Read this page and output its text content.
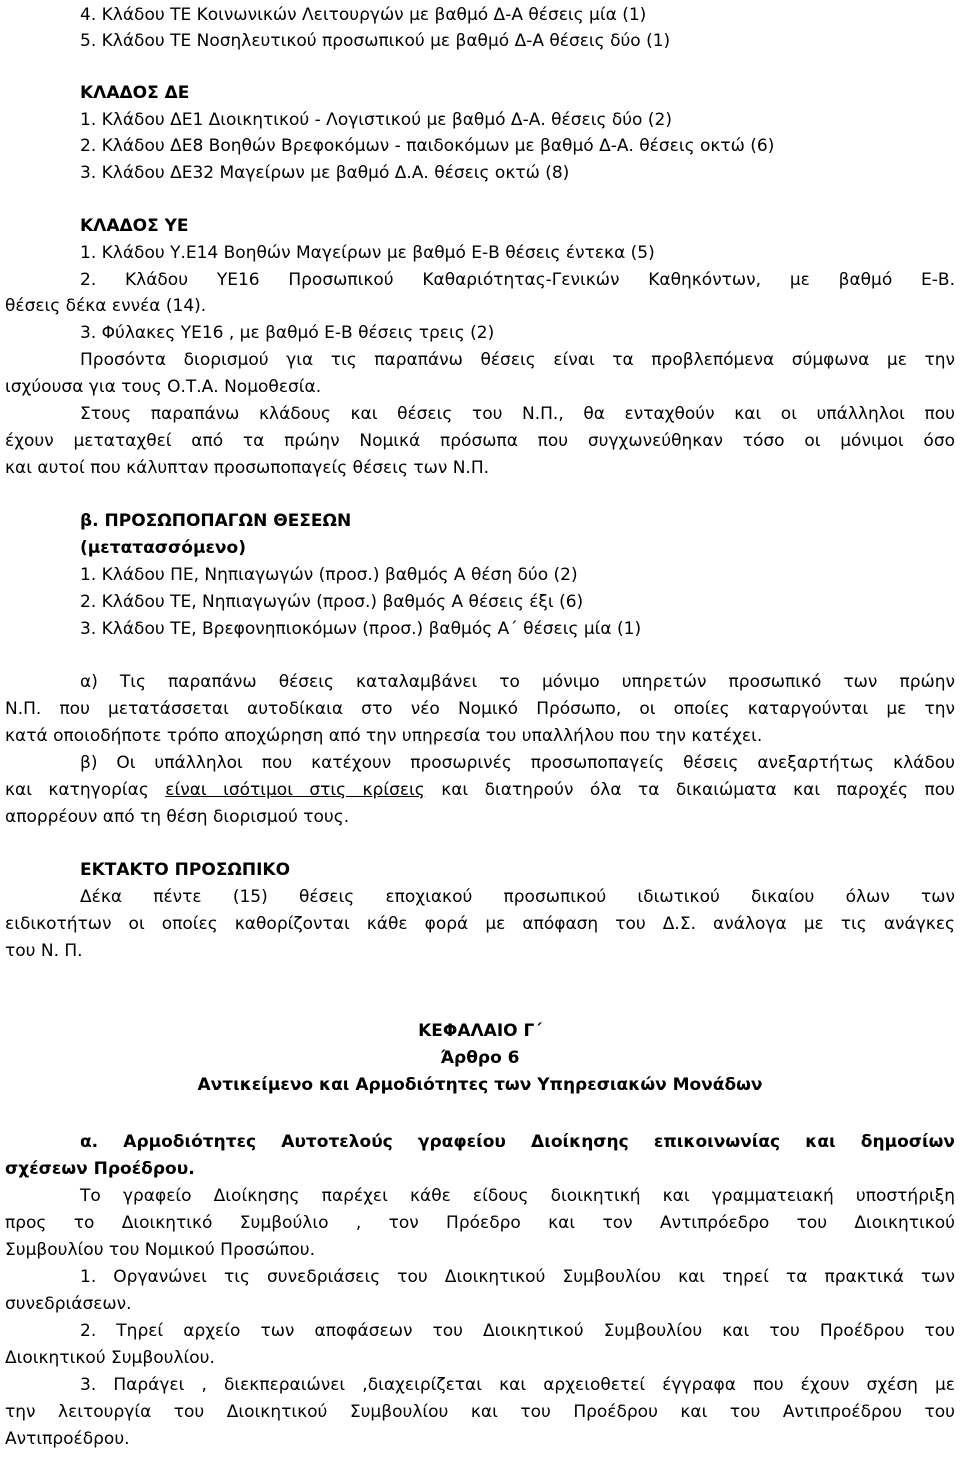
4. Κλάδου ΤΕ Κοινωνικών Λειτουργών με βαθμό Δ-Α θέσεις μία (1)
5. Κλάδου ΤΕ Νοσηλευτικού προσωπικού με βαθμό Δ-Α θέσεις δύο (1)
ΚΛΑΔΟΣ ΔΕ
1. Κλάδου ΔΕ1 Διοικητικού - Λογιστικού με βαθμό Δ-Α. θέσεις δύο (2)
2. Κλάδου ΔΕ8 Βοηθών Βρεφοκόμων - παιδοκόμων με βαθμό Δ-Α. θέσεις οκτώ (6)
3. Κλάδου ΔΕ32 Μαγείρων με βαθμό Δ.Α. θέσεις οκτώ (8)
ΚΛΑΔΟΣ ΥΕ
1. Κλάδου Υ.Ε14 Βοηθών Μαγείρων με βαθμό Ε-Β θέσεις έντεκα (5)
2. Κλάδου ΥΕ16 Προσωπικού Καθαριότητας-Γενικών Καθηκόντων, με βαθμό Ε-Β.
θέσεις δέκα εννέα (14).
3. Φύλακες ΥΕ16 , με βαθμό Ε-Β θέσεις τρεις (2)
Προσόντα διορισμού για τις παραπάνω θέσεις είναι τα προβλεπόμενα σύμφωνα με την
ισχύουσα για τους Ο.Τ.Α. Νομοθεσία.
Στους παραπάνω κλάδους και θέσεις του Ν.Π., θα ενταχθούν και οι υπάλληλοι που
έχουν μεταταχθεί από τα πρώην Νομικά πρόσωπα που συγχωνεύθηκαν τόσο οι μόνιμοι όσο
και αυτοί που κάλυπταν προσωποπαγείς θέσεις των Ν.Π.
β. ΠΡΟΣΩΠΟΠΑΓΩΝ ΘΕΣΕΩΝ
(μετατασσόμενο)
1. Κλάδου ΠΕ, Νηπιαγωγών (προσ.) βαθμός Α θέση δύο (2)
2. Κλάδου ΤΕ, Νηπιαγωγών (προσ.) βαθμός Α θέσεις έξι (6)
3. Κλάδου ΤΕ, Βρεφονηπιοκόμων (προσ.) βαθμός Α΄ θέσεις μία (1)
α) Τις παραπάνω θέσεις καταλαμβάνει το μόνιμο υπηρετών προσωπικό των πρώην
Ν.Π. που μετατάσσεται αυτοδίκαια στο νέο Νομικό Πρόσωπο, οι οποίες καταργούνται με την
κατά οποιοδήποτε τρόπο αποχώρηση από την υπηρεσία του υπαλλήλου που την κατέχει.
β) Οι υπάλληλοι που κατέχουν προσωρινές προσωποπαγείς θέσεις ανεξαρτήτως κλάδου
και κατηγορίας είναι ισότιμοι στις κρίσεις και διατηρούν όλα τα δικαιώματα και παροχές που
απορρέουν από τη θέση διορισμού τους.
ΕΚΤΑΚΤΟ ΠΡΟΣΩΠΙΚΟ
Δέκα πέντε (15) θέσεις εποχιακού προσωπικού ιδιωτικού δικαίου όλων των
ειδικοτήτων οι οποίες καθορίζονται κάθε φορά με απόφαση του Δ.Σ. ανάλογα με τις ανάγκες
του Ν. Π.
ΚΕΦΑΛΑΙΟ Γ΄
Άρθρο 6
Αντικείμενο και Αρμοδιότητες των Υπηρεσιακών Μονάδων
α. Αρμοδιότητες Αυτοτελούς γραφείου Διοίκησης επικοινωνίας και δημοσίων
σχέσεων Προέδρου.
Το γραφείο Διοίκησης παρέχει κάθε είδους διοικητική και γραμματειακή υποστήριξη
προς το Διοικητικό Συμβούλιο , τον Πρόεδρο και τον Αντιπρόεδρο του Διοικητικού
Συμβουλίου του Νομικού Προσώπου.
1. Οργανώνει τις συνεδριάσεις του Διοικητικού Συμβουλίου και τηρεί τα πρακτικά των
συνεδριάσεων.
2. Τηρεί αρχείο των αποφάσεων του Διοικητικού Συμβουλίου και του Προέδρου του
Διοικητικού Συμβουλίου.
3. Παράγει , διεκπεραιώνει ,διαχειρίζεται και αρχειοθετεί έγγραφα που έχουν σχέση με
την λειτουργία του Διοικητικού Συμβουλίου και του Προέδρου και του Αντιπροέδρου του
Αντιπροέδρου.
